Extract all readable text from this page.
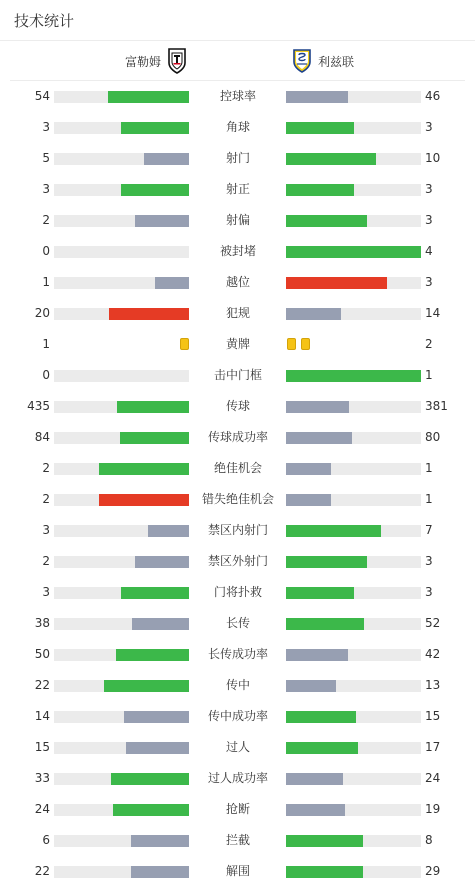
技术统计
富勒姆	利兹联
54	控球率	46
3	角球	3
5	射门	10
3	射正	3
2	射偏	3
0	被封堵	4
1	越位	3
20	犯规	14
1	黄牌	2
0	击中门框	1
435	传球	381
84	传球成功率	80
2	绝佳机会	1
2	错失绝佳机会	1
3	禁区内射门	7
2	禁区外射门	3
3	门将扑救	3
38	长传	52
50	长传成功率	42
22	传中	13
14	传中成功率	15
15	过人	17
33	过人成功率	24
24	抢断	19
6	拦截	8
22	解围	29
